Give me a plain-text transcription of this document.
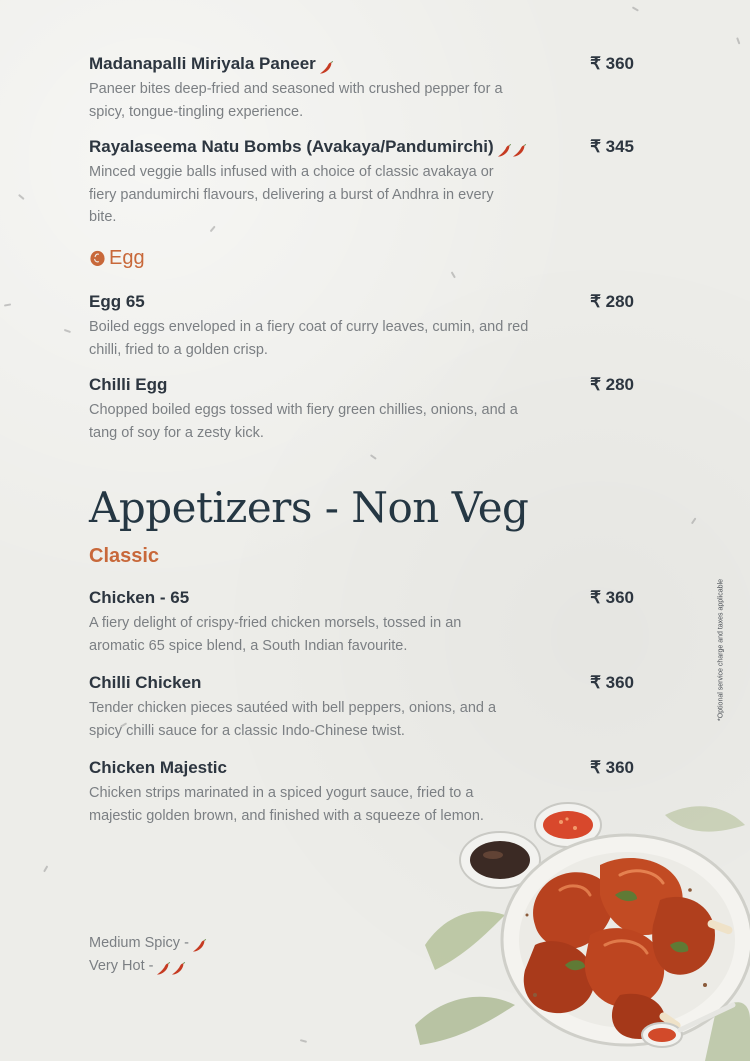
Madanapalli Miriyala Paneer	₹ 360
Paneer bites deep-fried and seasoned with crushed pepper for a spicy, tongue-tingling experience.
Rayalaseema Natu Bombs (Avakaya/Pandumirchi)	₹ 345
Minced veggie balls infused with a choice of classic avakaya or fiery pandumirchi flavours, delivering a burst of Andhra in every bite.
Egg
Egg 65	₹ 280
Boiled eggs enveloped in a fiery coat of curry leaves, cumin, and red chilli, fried to a golden crisp.
Chilli Egg	₹ 280
Chopped boiled eggs tossed with fiery green chillies, onions, and a tang of soy for a zesty kick.
Appetizers - Non Veg
Classic
Chicken - 65	₹ 360
A fiery delight of crispy-fried chicken morsels, tossed in an aromatic 65 spice blend, a South Indian favourite.
Chilli Chicken	₹ 360
Tender chicken pieces sautéed with bell peppers, onions, and a spicy chilli sauce for a classic Indo-Chinese twist.
Chicken Majestic	₹ 360
Chicken strips marinated in a spiced yogurt sauce, fried to a majestic golden brown, and finished with a squeeze of lemon.
*Optional service charge and taxes applicable
Medium Spicy -
Very Hot -
